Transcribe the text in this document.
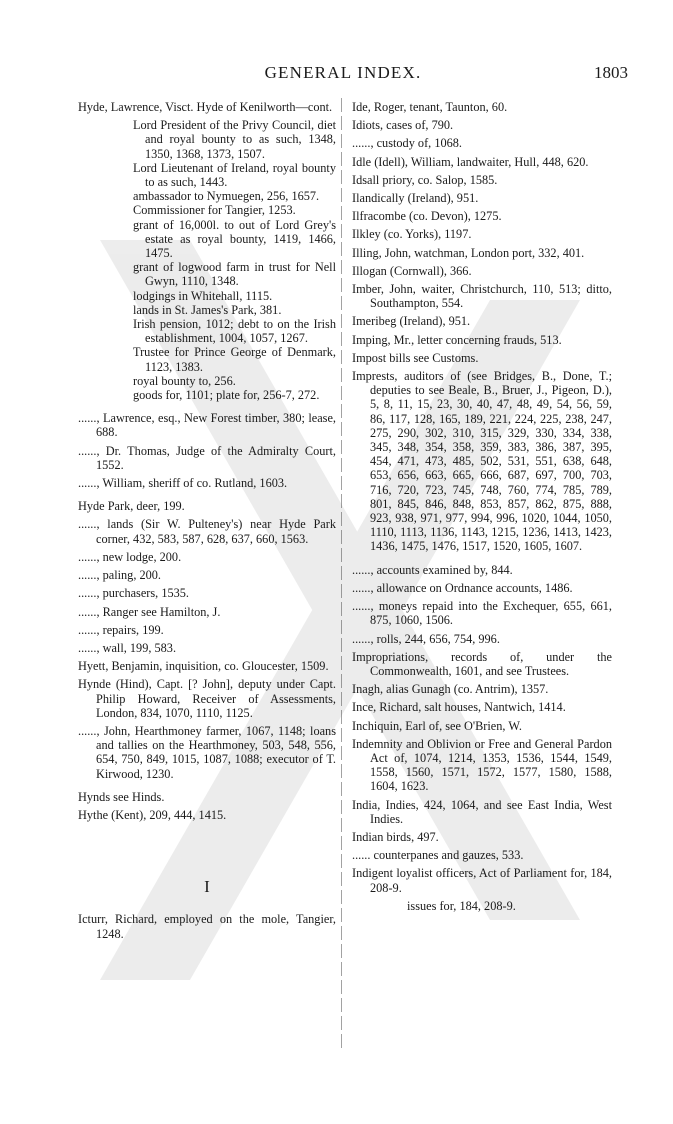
GENERAL INDEX.	1803

Hyde, Lawrence, Visct. Hyde of Kenilworth—cont.

Lord President of the Privy Council, diet and royal bounty to as such, 1348, 1350, 1368, 1373, 1507.

Lord Lieutenant of Ireland, royal bounty to as such, 1443.

ambassador to Nymuegen, 256, 1657.

Commissioner for Tangier, 1253.

grant of 16,000l. to out of Lord Grey's estate as royal bounty, 1419, 1466, 1475.

grant of logwood farm in trust for Nell Gwyn, 1110, 1348.

lodgings in Whitehall, 1115.

lands in St. James's Park, 381.

Irish pension, 1012; debt to on the Irish establishment, 1004, 1057, 1267.

Trustee for Prince George of Denmark, 1123, 1383.

royal bounty to, 256.

goods for, 1101; plate for, 256-7, 272.

......, Lawrence, esq., New Forest timber, 380; lease, 688.

......, Dr. Thomas, Judge of the Admiralty Court, 1552.

......, William, sheriff of co. Rutland, 1603.

Hyde Park, deer, 199.

......, lands (Sir W. Pulteney's) near Hyde Park corner, 432, 583, 587, 628, 637, 660, 1563.

......, new lodge, 200.

......, paling, 200.

......, purchasers, 1535.

......, Ranger see Hamilton, J.

......, repairs, 199.

......, wall, 199, 583.

Hyett, Benjamin, inquisition, co. Gloucester, 1509.

Hynde (Hind), Capt. [? John], deputy under Capt. Philip Howard, Receiver of Assessments, London, 834, 1070, 1110, 1125.

......, John, Hearthmoney farmer, 1067, 1148; loans and tallies on the Hearthmoney, 503, 548, 556, 654, 750, 849, 1015, 1087, 1088; executor of T. Kirwood, 1230.

Hynds see Hinds.

Hythe (Kent), 209, 444, 1415.

I

Icturr, Richard, employed on the mole, Tangier, 1248.

Ide, Roger, tenant, Taunton, 60.

Idiots, cases of, 790.

......, custody of, 1068.

Idle (Idell), William, landwaiter, Hull, 448, 620.

Idsall priory, co. Salop, 1585.

Ilandically (Ireland), 951.

Ilfracombe (co. Devon), 1275.

Ilkley (co. Yorks), 1197.

Illing, John, watchman, London port, 332, 401.

Illogan (Cornwall), 366.

Imber, John, waiter, Christchurch, 110, 513; ditto, Southampton, 554.

Imeribeg (Ireland), 951.

Imping, Mr., letter concerning frauds, 513.

Impost bills see Customs.

Imprests, auditors of (see Bridges, B., Done, T.; deputies to see Beale, B., Bruer, J., Pigeon, D.), 5, 8, 11, 15, 23, 30, 40, 47, 48, 49, 54, 56, 59, 86, 117, 128, 165, 189, 221, 224, 225, 238, 247, 275, 290, 302, 310, 315, 329, 330, 334, 338, 345, 348, 354, 358, 359, 383, 386, 387, 395, 454, 471, 473, 485, 502, 531, 551, 638, 648, 653, 656, 663, 665, 666, 687, 697, 700, 703, 716, 720, 723, 745, 748, 760, 774, 785, 789, 801, 845, 846, 848, 853, 857, 862, 875, 888, 923, 938, 971, 977, 994, 996, 1020, 1044, 1050, 1110, 1113, 1136, 1143, 1215, 1236, 1413, 1423, 1436, 1475, 1476, 1517, 1520, 1605, 1607.

......, accounts examined by, 844.

......, allowance on Ordnance accounts, 1486.

......, moneys repaid into the Exchequer, 655, 661, 875, 1060, 1506.

......, rolls, 244, 656, 754, 996.

Impropriations, records of, under the Commonwealth, 1601, and see Trustees.

Inagh, alias Gunagh (co. Antrim), 1357.

Ince, Richard, salt houses, Nantwich, 1414.

Inchiquin, Earl of, see O'Brien, W.

Indemnity and Oblivion or Free and General Pardon Act of, 1074, 1214, 1353, 1536, 1544, 1549, 1558, 1560, 1571, 1572, 1577, 1580, 1588, 1604, 1623.

India, Indies, 424, 1064, and see East India, West Indies.

Indian birds, 497.

...... counterpanes and gauzes, 533.

Indigent loyalist officers, Act of Parliament for, 184, 208-9.

issues for, 184, 208-9.
